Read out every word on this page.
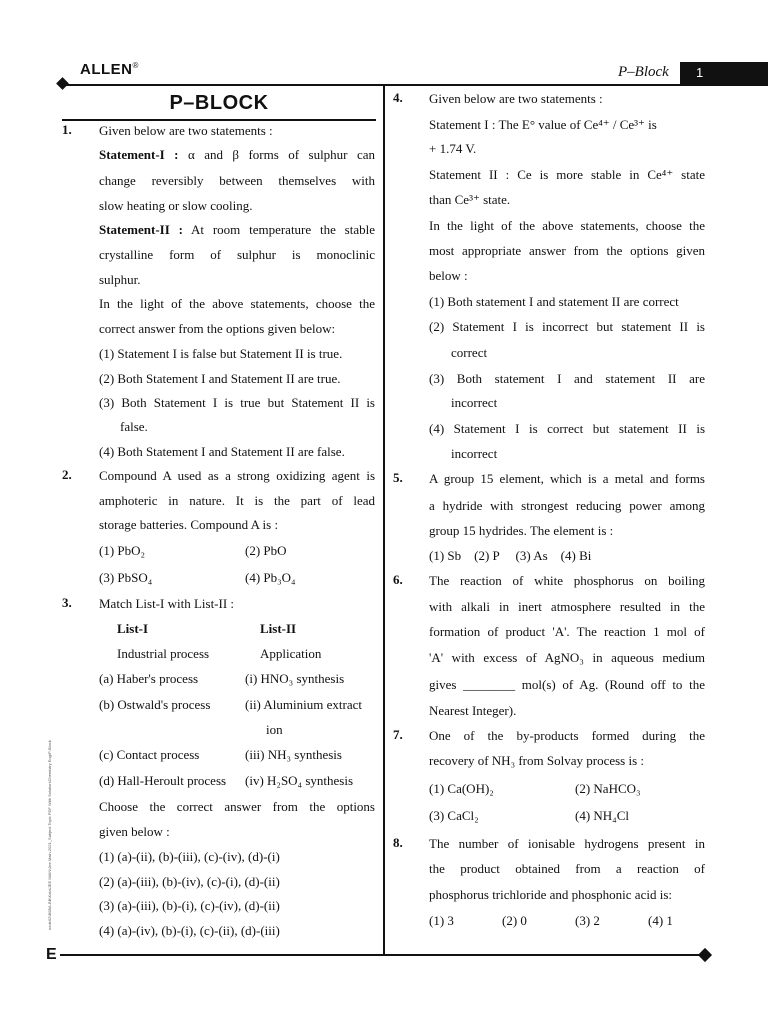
ALLEN®	P–Block 1
P–BLOCK
1. Given below are two statements :
Statement-I : α and β forms of sulphur can
change reversibly between themselves with
slow heating or slow cooling.
Statement-II : At room temperature the stable
crystalline form of sulphur is monoclinic
sulphur.
In the light of the above statements, choose the
correct answer from the options given below:
(1) Statement I is false but Statement II is true.
(2) Both Statement I and Statement II are true.
(3) Both Statement I is true but Statement II is
false.
(4) Both Statement I and Statement II are false.
2. Compound A used as a strong oxidizing agent is
amphoteric in nature. It is the part of lead
storage batteries. Compound A is :
(1) PbO₂	(2) PbO
(3) PbSO₄	(4) Pb₃O₄
3. Match List-I with List-II :
List-I	List-II
Industrial process	Application
(a) Haber's process	(i) HNO₃ synthesis
(b) Ostwald's process	(ii) Aluminium extract
ion
(c) Contact process	(iii) NH₃ synthesis
(d) Hall-Heroult process (iv) H₂SO₄ synthesis
Choose the correct answer from the options
given below :
(1) (a)-(ii), (b)-(iii), (c)-(iv), (d)-(i)
(2) (a)-(iii), (b)-(iv), (c)-(i), (d)-(ii)
(3) (a)-(iii), (b)-(i), (c)-(iv), (d)-(ii)
(4) (a)-(iv), (b)-(i), (c)-(ii), (d)-(iii)
4. Given below are two statements :
Statement I : The E° value of Ce⁴⁺ / Ce³⁺ is
+ 1.74 V.
Statement II : Ce is more stable in Ce⁴⁺ state
than Ce³⁺ state.
In the light of the above statements, choose the
most appropriate answer from the options given
below :
(1) Both statement I and statement II are correct
(2) Statement I is incorrect but statement II is
correct
(3) Both statement I and statement II are
incorrect
(4) Statement I is correct but statement II is
incorrect
5. A group 15 element, which is a metal and forms
a hydride with strongest reducing power among
group 15 hydrides. The element is :
(1) Sb    (2) P     (3) As    (4) Bi
6. The reaction of white phosphorus on boiling
with alkali in inert atmosphere resulted in the
formation of product 'A'. The reaction 1 mol of
'A' with excess of AgNO₃ in aqueous medium
gives ________ mol(s) of Ag. (Round off to the
Nearest Integer).
7. One of the by-products formed during the
recovery of NH₃ from Solvay process is :
(1) Ca(OH)₂	(2) NaHCO₃
(3) CaCl₂	(4) NH₄Cl
8. The number of ionisable hydrogens present in
the product obtained from a reaction of
phosphorus trichloride and phosphonic acid is:
(1) 3	(2) 0	(3) 2	(4) 1
node02\B0BA-BB\Kota\JEE MAIN\Jee Main-2021_Subject Topic PDF With Solution\Chemistry Eng\P-Block
E
